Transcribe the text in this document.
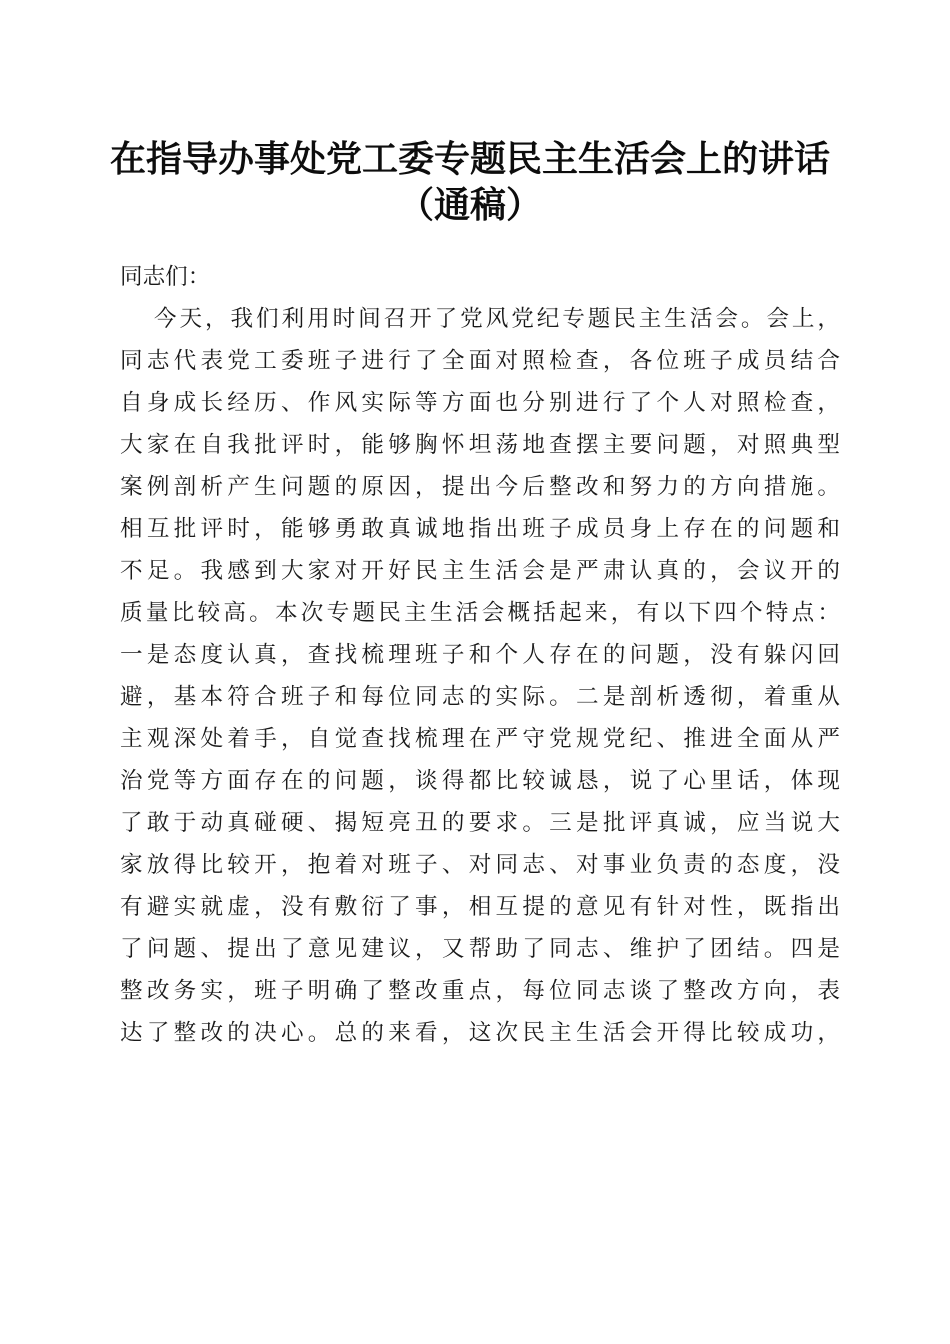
在指导办事处党工委专题民主生活会上的讲话
（通稿）
同志们：
今天，我们利用时间召开了党风党纪专题民主生活会。会上，
同志代表党工委班子进行了全面对照检查，各位班子成员结合
自身成长经历、作风实际等方面也分别进行了个人对照检查，
大家在自我批评时，能够胸怀坦荡地查摆主要问题，对照典型
案例剖析产生问题的原因，提出今后整改和努力的方向措施。
相互批评时，能够勇敢真诚地指出班子成员身上存在的问题和
不足。我感到大家对开好民主生活会是严肃认真的，会议开的
质量比较高。本次专题民主生活会概括起来，有以下四个特点：
一是态度认真，查找梳理班子和个人存在的问题，没有躲闪回
避，基本符合班子和每位同志的实际。二是剖析透彻，着重从
主观深处着手，自觉查找梳理在严守党规党纪、推进全面从严
治党等方面存在的问题，谈得都比较诚恳，说了心里话，体现
了敢于动真碰硬、揭短亮丑的要求。三是批评真诚，应当说大
家放得比较开，抱着对班子、对同志、对事业负责的态度，没
有避实就虚，没有敷衍了事，相互提的意见有针对性，既指出
了问题、提出了意见建议，又帮助了同志、维护了团结。四是
整改务实，班子明确了整改重点，每位同志谈了整改方向，表
达了整改的决心。总的来看，这次民主生活会开得比较成功，
